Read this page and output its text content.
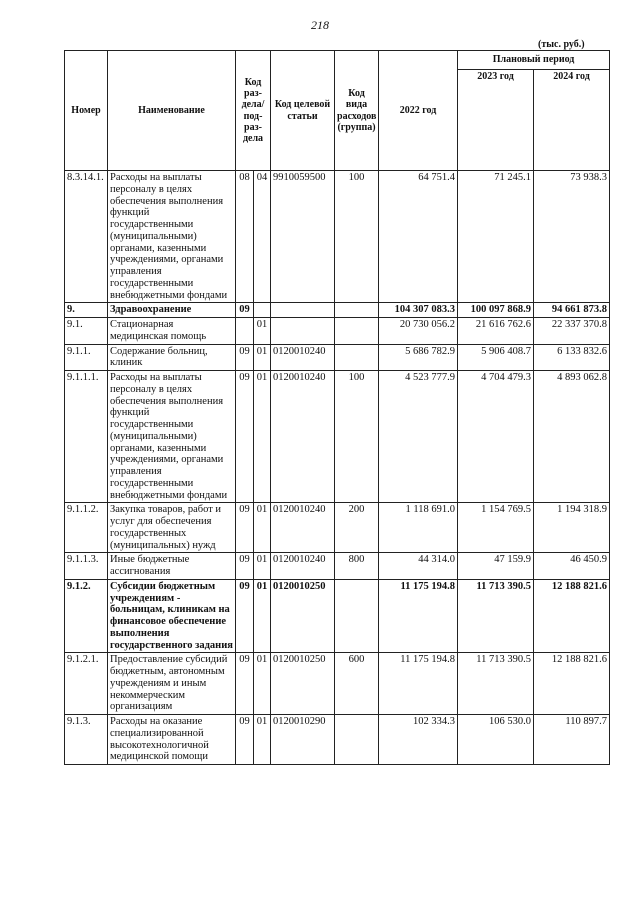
218
(тыс. руб.)
Номер	Наименование	Код раз-дела/ под-раз-дела		Код целевой статьи	Код вида расходов (группа)	2022 год	Плановый период	
							2023 год	2024 год
8.3.14.1.	Расходы на выплаты персоналу в целях обеспечения выполнения функций государственными (муниципальными) органами, казенными учреждениями, органами управления государственными внебюджетными фондами	08	04	9910059500	100	64 751.4	71 245.1	73 938.3
9.	Здравоохранение	09				104 307 083.3	100 097 868.9	94 661 873.8
9.1.	Стационарная медицинская помощь		01			20 730 056.2	21 616 762.6	22 337 370.8
9.1.1.	Содержание больниц, клиник	09	01	0120010240		5 686 782.9	5 906 408.7	6 133 832.6
9.1.1.1.	Расходы на выплаты персоналу в целях обеспечения выполнения функций государственными (муниципальными) органами, казенными учреждениями, органами управления государственными внебюджетными фондами	09	01	0120010240	100	4 523 777.9	4 704 479.3	4 893 062.8
9.1.1.2.	Закупка товаров, работ и услуг для обеспечения государственных (муниципальных) нужд	09	01	0120010240	200	1 118 691.0	1 154 769.5	1 194 318.9
9.1.1.3.	Иные бюджетные ассигнования	09	01	0120010240	800	44 314.0	47 159.9	46 450.9
9.1.2.	Субсидии бюджетным учреждениям - больницам, клиникам на финансовое обеспечение выполнения государственного задания	09	01	0120010250		11 175 194.8	11 713 390.5	12 188 821.6
9.1.2.1.	Предоставление субсидий бюджетным, автономным учреждениям и иным некоммерческим организациям	09	01	0120010250	600	11 175 194.8	11 713 390.5	12 188 821.6
9.1.3.	Расходы на оказание специализированной высокотехнологичной медицинской помощи	09	01	0120010290		102 334.3	106 530.0	110 897.7
